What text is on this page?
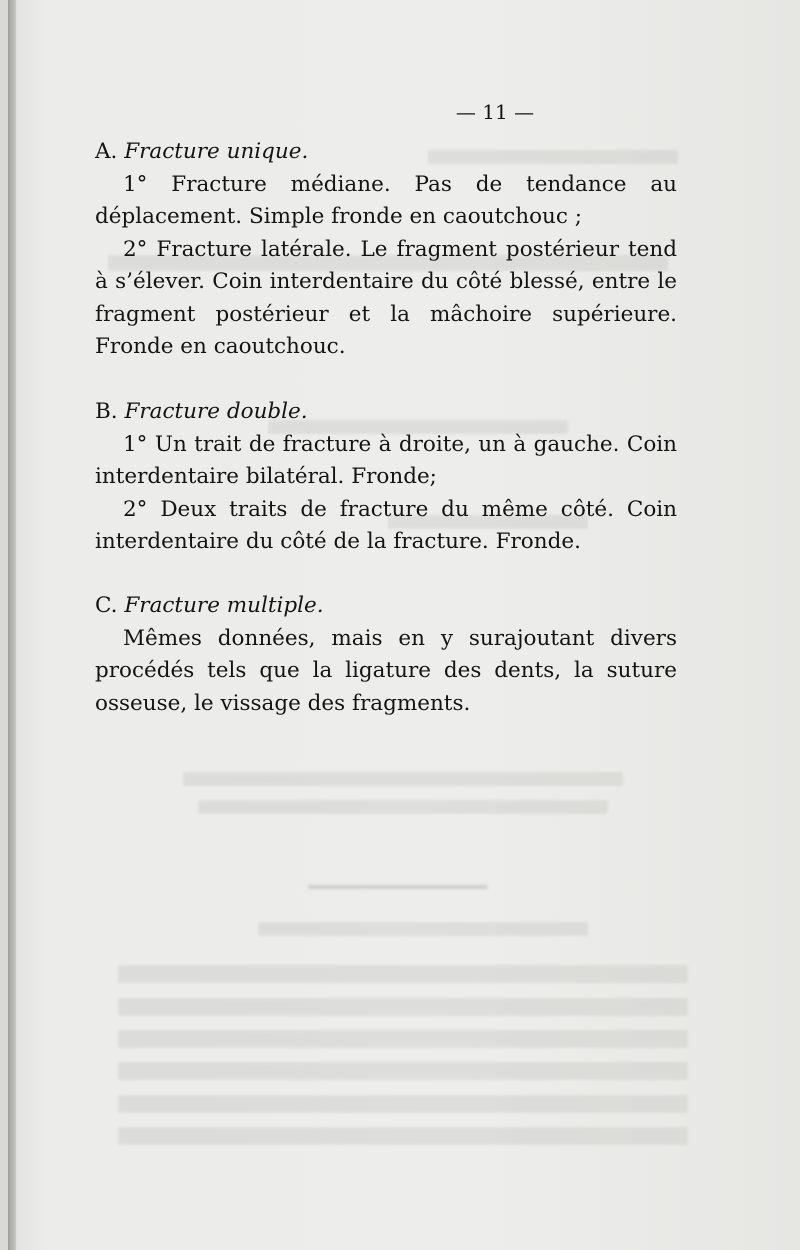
— 11 —

A. Fracture unique.

1° Fracture médiane. Pas de tendance au déplacement. Simple fronde en caoutchouc ;

2° Fracture latérale. Le fragment postérieur tend à s’élever. Coin interdentaire du côté blessé, entre le fragment postérieur et la mâchoire supérieure. Fronde en caoutchouc.

B. Fracture double.

1° Un trait de fracture à droite, un à gauche. Coin interdentaire bilatéral. Fronde;

2° Deux traits de fracture du même côté. Coin interdentaire du côté de la fracture. Fronde.

C. Fracture multiple.

Mêmes données, mais en y surajoutant divers procédés tels que la ligature des dents, la suture osseuse, le vissage des fragments.
